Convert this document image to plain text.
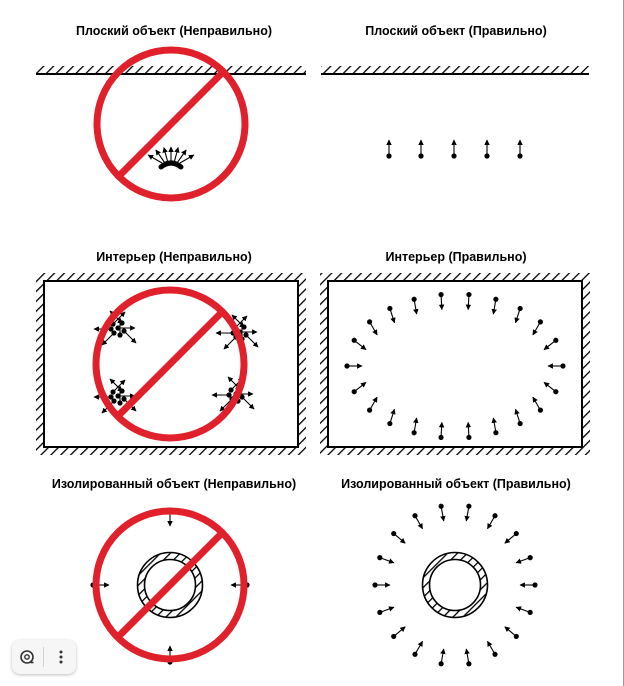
Плоский объект (Неправильно)	Плоский объект (Правильно)
Интерьер (Неправильно)	Интерьер (Правильно)
Изолированный объект (Неправильно)	Изолированный объект (Правильно)
